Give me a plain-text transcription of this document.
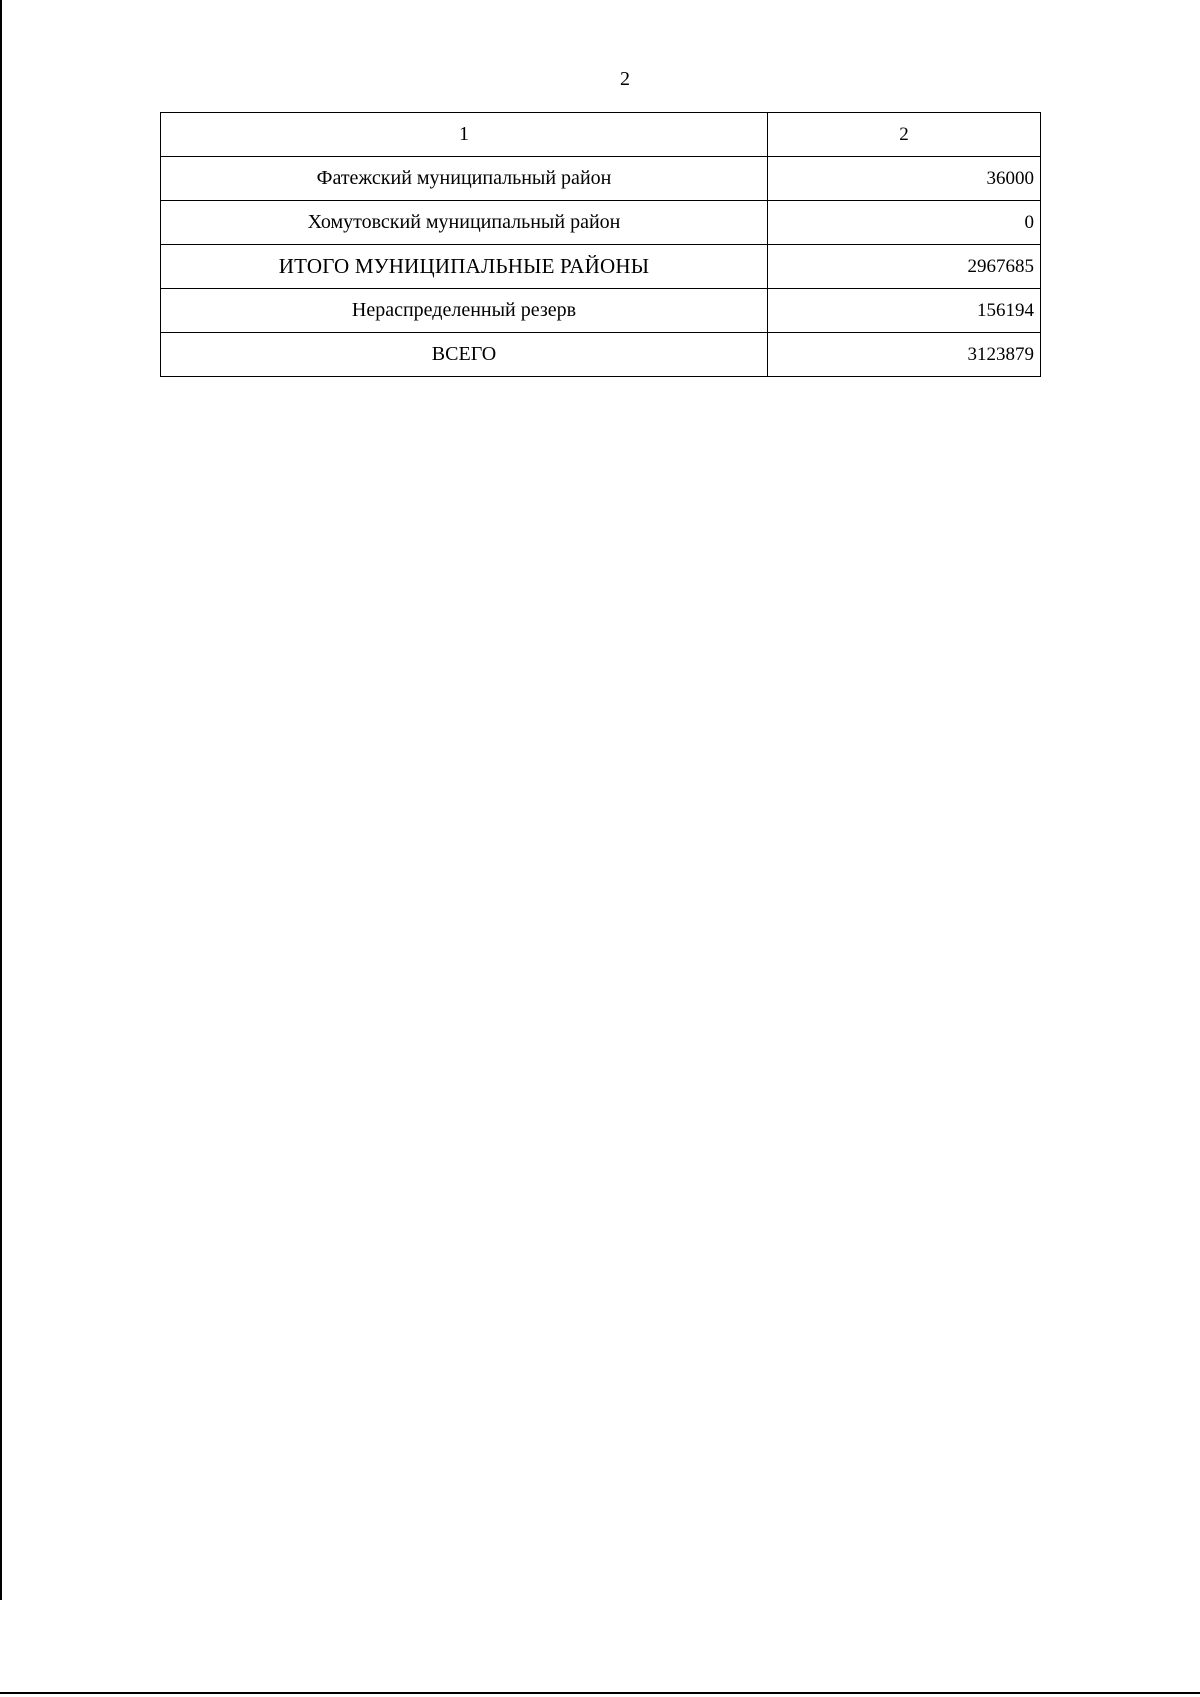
2
1	2
Фатежский муниципальный район	36000
Хомутовский муниципальный район	0
ИТОГО МУНИЦИПАЛЬНЫЕ РАЙОНЫ	2967685
Нераспределенный резерв	156194
ВСЕГО	3123879
